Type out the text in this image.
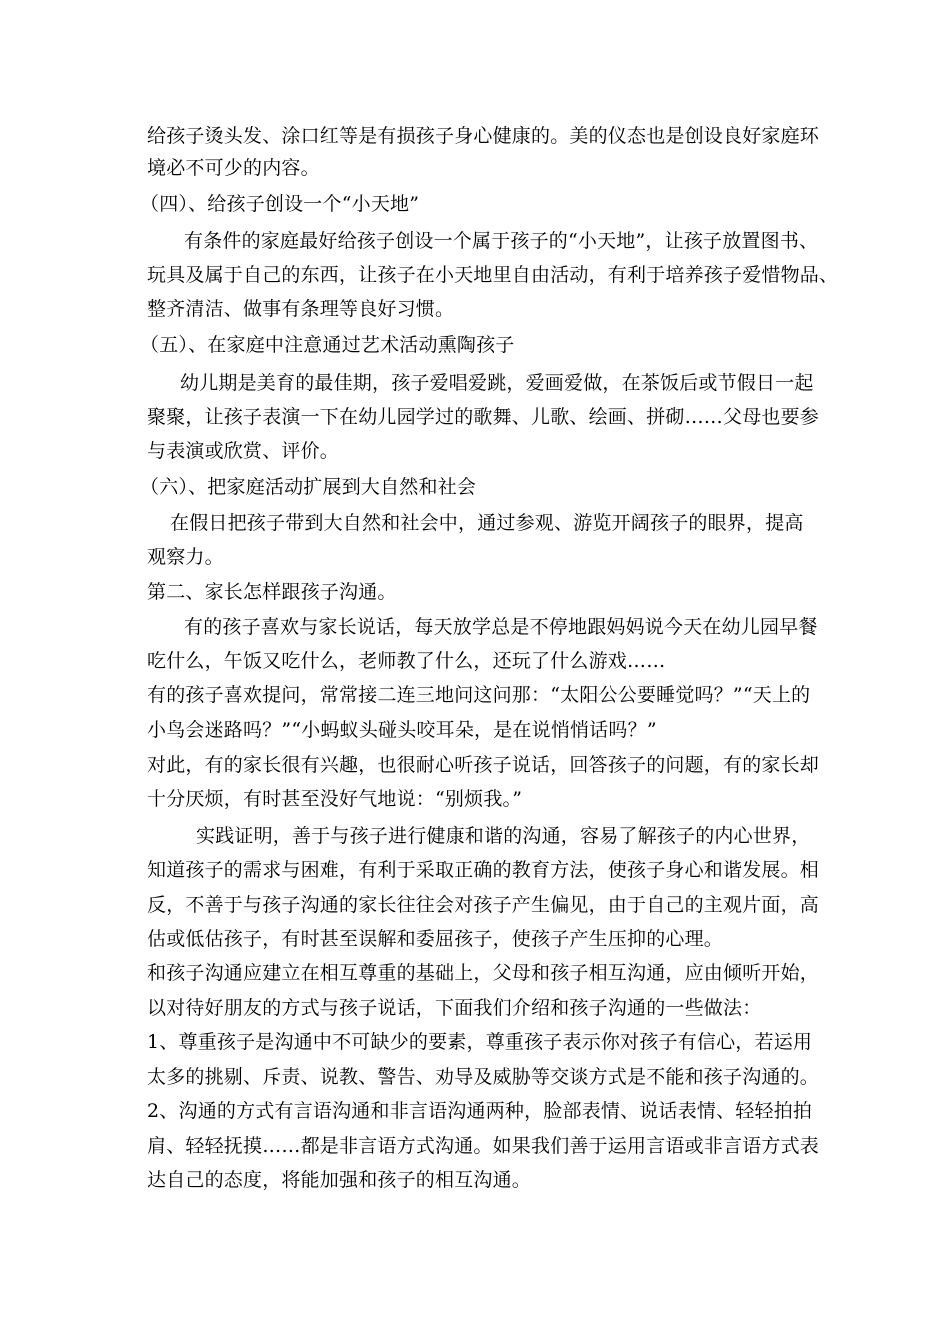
给孩子烫头发、涂口红等是有损孩子身心健康的。美的仪态也是创设良好家庭环
境必不可少的内容。
（四）、给孩子创设一个“小天地”
有条件的家庭最好给孩子创设一个属于孩子的“小天地”，让孩子放置图书、
玩具及属于自己的东西，让孩子在小天地里自由活动，有利于培养孩子爱惜物品、
整齐清洁、做事有条理等良好习惯。
（五）、在家庭中注意通过艺术活动熏陶孩子
幼儿期是美育的最佳期，孩子爱唱爱跳，爱画爱做，在茶饭后或节假日一起
聚聚，让孩子表演一下在幼儿园学过的歌舞、儿歌、绘画、拼砌……父母也要参
与表演或欣赏、评价。
（六）、把家庭活动扩展到大自然和社会
在假日把孩子带到大自然和社会中，通过参观、游览开阔孩子的眼界，提高
观察力。
第二、家长怎样跟孩子沟通。
有的孩子喜欢与家长说话，每天放学总是不停地跟妈妈说今天在幼儿园早餐
吃什么，午饭又吃什么，老师教了什么，还玩了什么游戏……
有的孩子喜欢提问，常常接二连三地问这问那：“太阳公公要睡觉吗？”“天上的
小鸟会迷路吗？”“小蚂蚁头碰头咬耳朵，是在说悄悄话吗？”
对此，有的家长很有兴趣，也很耐心听孩子说话，回答孩子的问题，有的家长却
十分厌烦，有时甚至没好气地说：“别烦我。”
实践证明，善于与孩子进行健康和谐的沟通，容易了解孩子的内心世界，
知道孩子的需求与困难，有利于采取正确的教育方法，使孩子身心和谐发展。相
反，不善于与孩子沟通的家长往往会对孩子产生偏见，由于自己的主观片面，高
估或低估孩子，有时甚至误解和委屈孩子，使孩子产生压抑的心理。
和孩子沟通应建立在相互尊重的基础上，父母和孩子相互沟通，应由倾听开始，
以对待好朋友的方式与孩子说话，下面我们介绍和孩子沟通的一些做法：
1、尊重孩子是沟通中不可缺少的要素，尊重孩子表示你对孩子有信心，若运用
太多的挑剔、斥责、说教、警告、劝导及威胁等交谈方式是不能和孩子沟通的。
2、沟通的方式有言语沟通和非言语沟通两种，脸部表情、说话表情、轻轻拍拍
肩、轻轻抚摸……都是非言语方式沟通。如果我们善于运用言语或非言语方式表
达自己的态度，将能加强和孩子的相互沟通。
